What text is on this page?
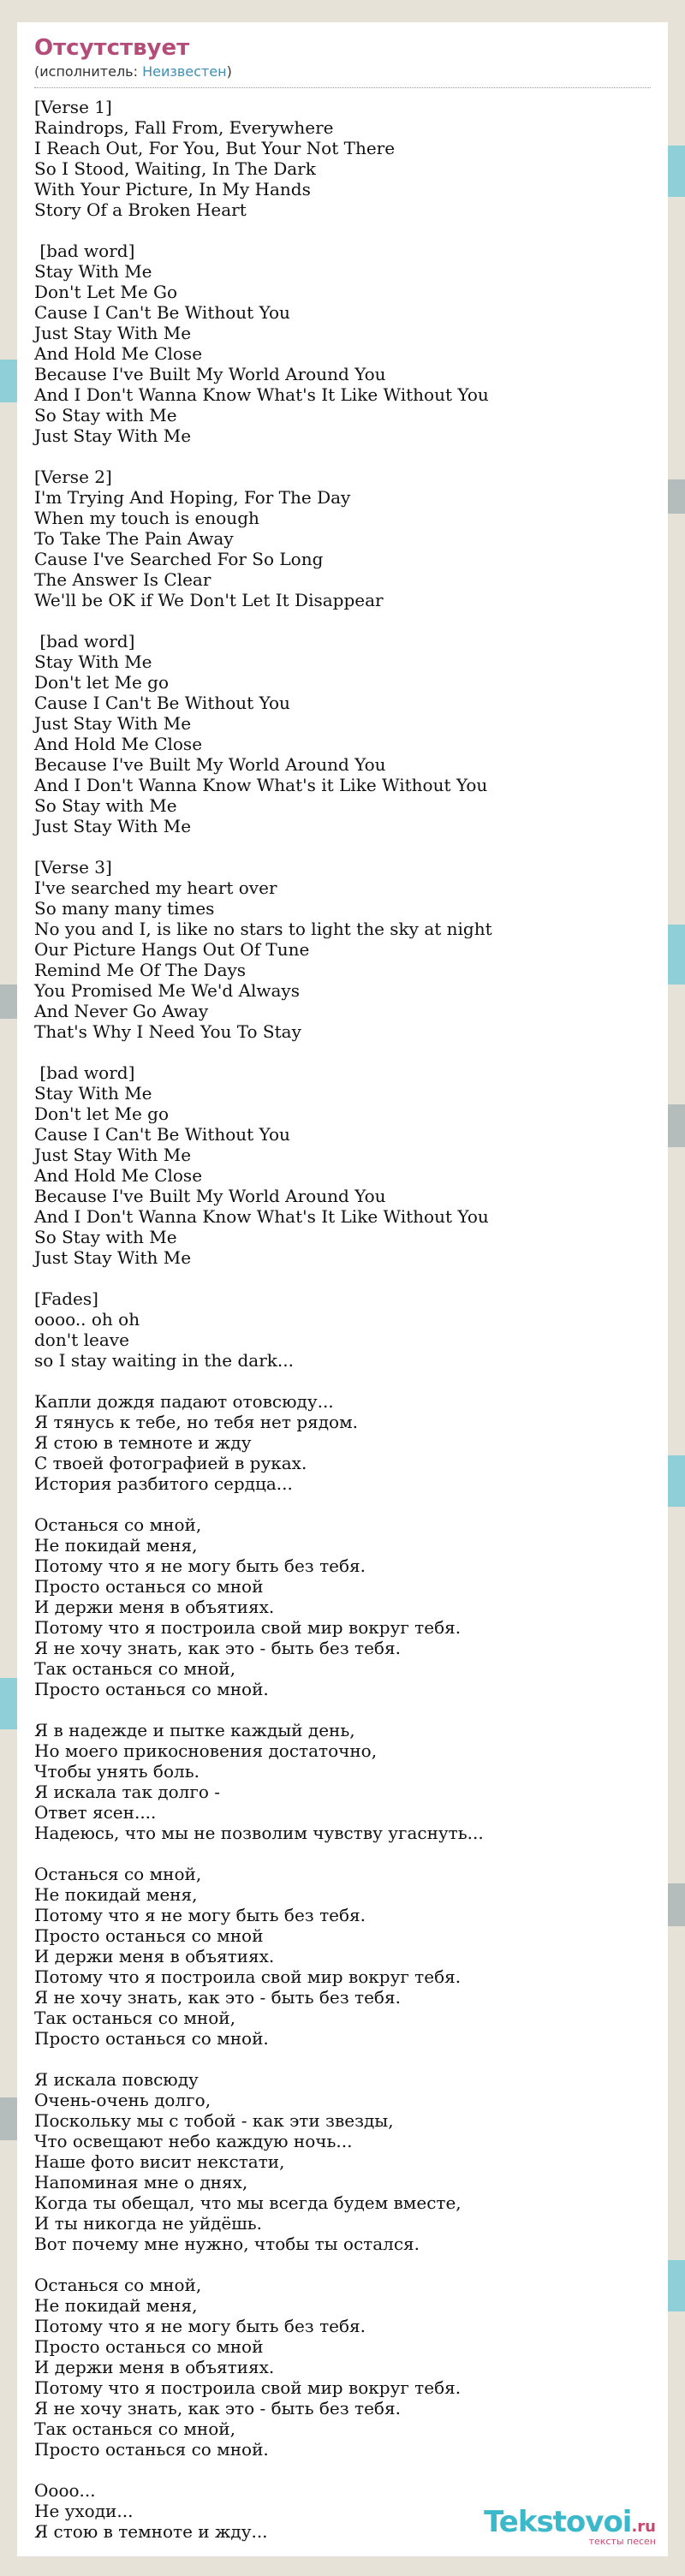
Отсутствует
(исполнитель: Неизвестен)
[Verse 1]
Raindrops, Fall From, Everywhere
I Reach Out, For You, But Your Not There
So I Stood, Waiting, In The Dark
With Your Picture, In My Hands
Story Of a Broken Heart

[bad word]
Stay With Me
Don't Let Me Go
Cause I Can't Be Without You
Just Stay With Me
And Hold Me Close
Because I've Built My World Around You
And I Don't Wanna Know What's It Like Without You
So Stay with Me
Just Stay With Me

[Verse 2]
I'm Trying And Hoping, For The Day
When my touch is enough
To Take The Pain Away
Cause I've Searched For So Long
The Answer Is Clear
We'll be OK if We Don't Let It Disappear

[bad word]
Stay With Me
Don't let Me go
Cause I Can't Be Without You
Just Stay With Me
And Hold Me Close
Because I've Built My World Around You
And I Don't Wanna Know What's it Like Without You
So Stay with Me
Just Stay With Me

[Verse 3]
I've searched my heart over
So many many times
No you and I, is like no stars to light the sky at night
Our Picture Hangs Out Of Tune
Remind Me Of The Days
You Promised Me We'd Always
And Never Go Away
That's Why I Need You To Stay

[bad word]
Stay With Me
Don't let Me go
Cause I Can't Be Without You
Just Stay With Me
And Hold Me Close
Because I've Built My World Around You
And I Don't Wanna Know What's It Like Without You
So Stay with Me
Just Stay With Me

[Fades]
oooo.. oh oh
don't leave
so I stay waiting in the dark...

Капли дождя падают отовсюду...
Я тянусь к тебе, но тебя нет рядом.
Я стою в темноте и жду
С твоей фотографией в руках.
История разбитого сердца...

Останься со мной,
Не покидай меня,
Потому что я не могу быть без тебя.
Просто останься со мной
И держи меня в объятиях.
Потому что я построила свой мир вокруг тебя.
Я не хочу знать, как это - быть без тебя.
Так останься со мной,
Просто останься со мной.

Я в надежде и пытке каждый день,
Но моего прикосновения достаточно,
Чтобы унять боль.
Я искала так долго -
Ответ ясен....
Надеюсь, что мы не позволим чувству угаснуть...

Останься со мной,
Не покидай меня,
Потому что я не могу быть без тебя.
Просто останься со мной
И держи меня в объятиях.
Потому что я построила свой мир вокруг тебя.
Я не хочу знать, как это - быть без тебя.
Так останься со мной,
Просто останься со мной.

Я искала повсюду
Очень-очень долго,
Поскольку мы с тобой - как эти звезды,
Что освещают небо каждую ночь...
Наше фото висит некстати,
Напоминая мне о днях,
Когда ты обещал, что мы всегда будем вместе,
И ты никогда не уйдёшь.
Вот почему мне нужно, чтобы ты остался.

Останься со мной,
Не покидай меня,
Потому что я не могу быть без тебя.
Просто останься со мной
И держи меня в объятиях.
Потому что я построила свой мир вокруг тебя.
Я не хочу знать, как это - быть без тебя.
Так останься со мной,
Просто останься со мной.

Оооо...
Не уходи...
Я стою в темноте и жду...	Tekstovoi.ru
тексты песен
